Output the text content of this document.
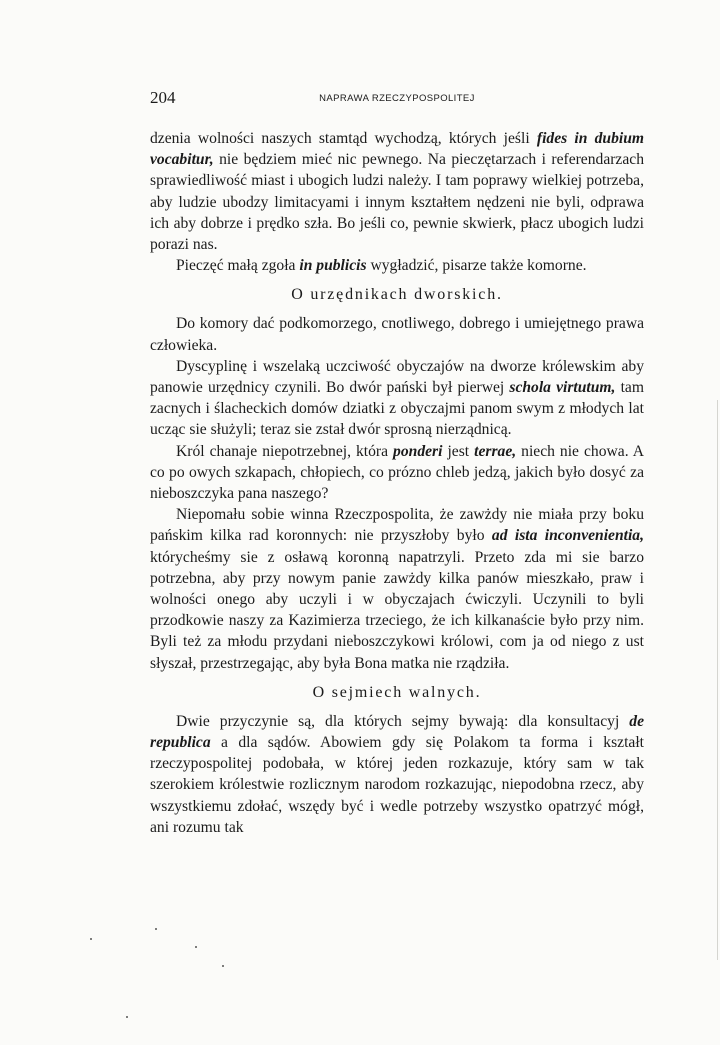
204	NAPRAWA RZECZYPOSPOLITEJ

dzenia wolności naszych stamtąd wychodzą, których jeśli fides in dubium vocabitur, nie będziem mieć nic pewnego. Na pieczętarzach i referendarzach sprawiedliwość miast i ubogich ludzi należy. I tam poprawy wielkiej potrzeba, aby ludzie ubodzy limitacyami i innym kształtem nędzeni nie byli, odprawa ich aby dobrze i prędko szła. Bo jeśli co, pewnie skwierk, płacz ubogich ludzi porazi nas.

Pieczęć małą zgoła in publicis wygładzić, pisarze także komorne.

O urzędnikach dworskich.

Do komory dać podkomorzego, cnotliwego, dobrego i umiejętnego prawa człowieka.

Dyscyplinę i wszelaką uczciwość obyczajów na dworze królewskim aby panowie urzędnicy czynili. Bo dwór pański był pierwej schola virtutum, tam zacnych i ślacheckich domów dziatki z obyczajmi panom swym z młodych lat ucząc sie służyli; teraz sie zstał dwór sprosną nierządnicą.

Król chanaje niepotrzebnej, która ponderi jest terrae, niech nie chowa. A co po owych szkapach, chłopiech, co prózno chleb jedzą, jakich było dosyć za nieboszczyka pana naszego?

Niepomału sobie winna Rzeczpospolita, że zawżdy nie miała przy boku pańskim kilka rad koronnych: nie przyszłoby było ad ista inconvenientia, którycheśmy sie z osławą koronną napatrzyli. Przeto zda mi sie barzo potrzebna, aby przy nowym panie zawżdy kilka panów mieszkało, praw i wolności onego aby uczyli i w obyczajach ćwiczyli. Uczynili to byli przodkowie naszy za Kazimierza trzeciego, że ich kilkanaście było przy nim. Byli też za młodu przydani nieboszczykowi królowi, com ja od niego z ust słyszał, przestrzegając, aby była Bona matka nie rządziła.

O sejmiech walnych.

Dwie przyczynie są, dla których sejmy bywają: dla konsultacyj de republica a dla sądów. Abowiem gdy się Polakom ta forma i kształt rzeczypospolitej podobała, w której jeden rozkazuje, który sam w tak szerokiem królestwie rozlicznym narodom rozkazując, niepodobna rzecz, aby wszystkiemu zdołać, wszędy być i wedle potrzeby wszystko opatrzyć mógł, ani rozumu tak
